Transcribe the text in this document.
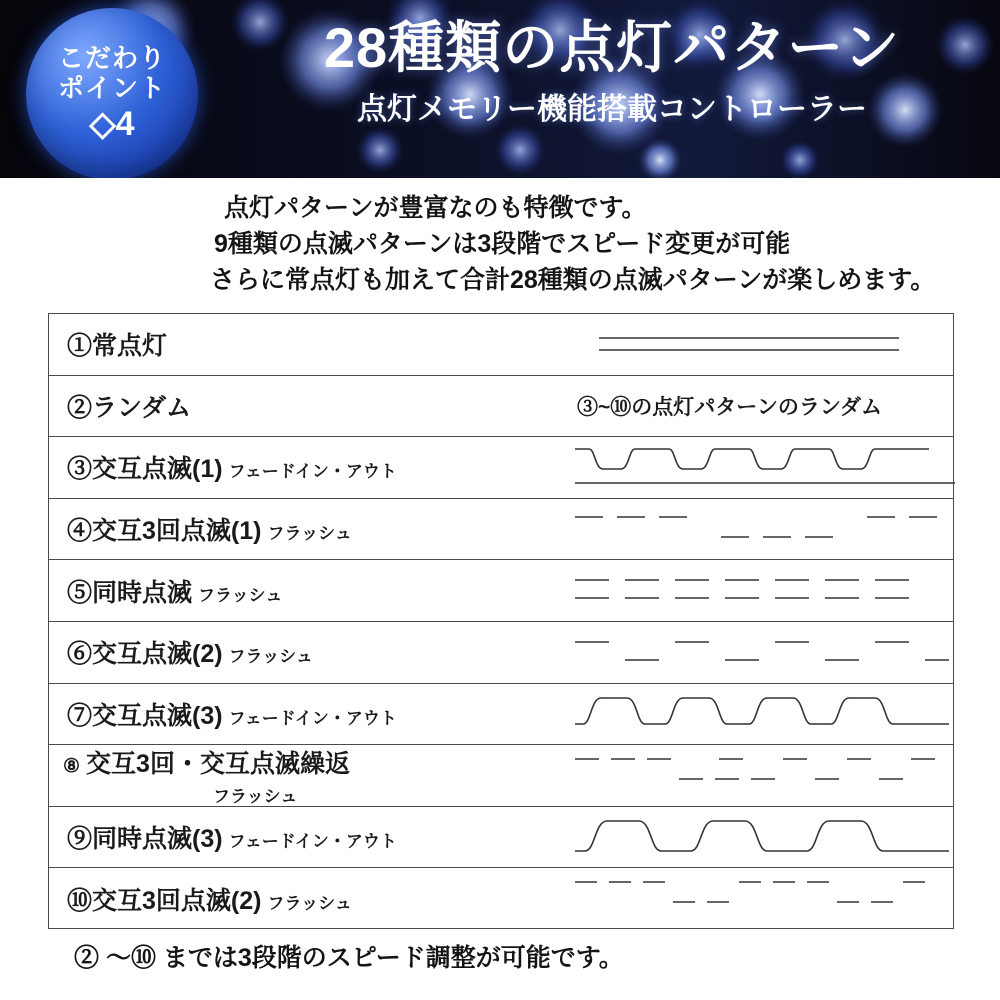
こだわり
ポイント
◇4
28種類の点灯パターン
点灯メモリー機能搭載コントローラー
点灯パターンが豊富なのも特徴です。
9種類の点滅パターンは3段階でスピード変更が可能
さらに常点灯も加えて合計28種類の点滅パターンが楽しめます。
①常点灯
②ランダム	③~⑩の点灯パターンのランダム
③交互点滅(1) フェードイン・アウト
④交互3回点滅(1) フラッシュ
⑤同時点滅 フラッシュ
⑥交互点滅(2) フラッシュ
⑦交互点滅(3) フェードイン・アウト
⑧ 交互3回・交互点滅繰返
フラッシュ
⑨同時点滅(3) フェードイン・アウト
⑩交互3回点滅(2) フラッシュ
② ～⑩ までは3段階のスピード調整が可能です。
